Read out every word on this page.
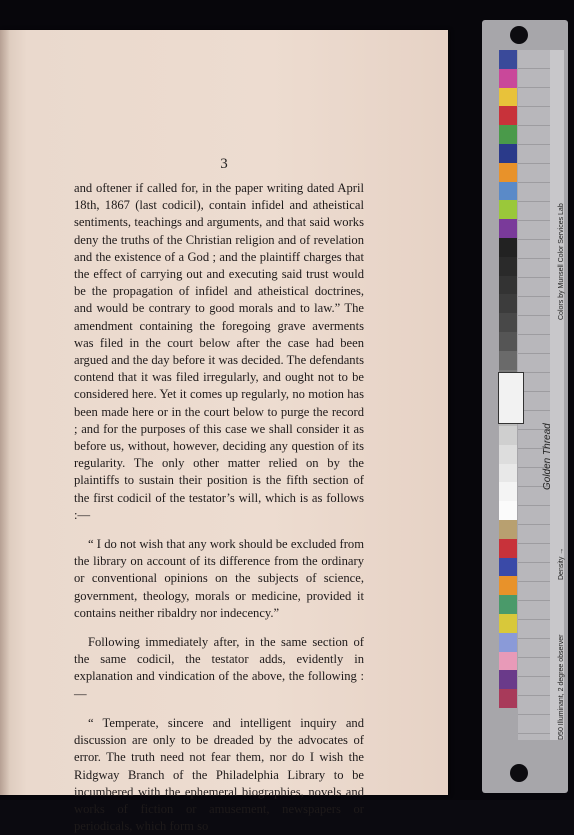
3

and oftener if called for, in the paper writing dated April 18th, 1867 (last codicil), contain infidel and atheistical sentiments, teachings and arguments, and that said works deny the truths of the Christian religion and of revelation and the existence of a God ; and the plaintiff charges that the effect of carrying out and executing said trust would be the propagation of infidel and atheistical doctrines, and would be contrary to good morals and to law.” The amendment containing the foregoing grave averments was filed in the court below after the case had been argued and the day before it was decided. The defendants contend that it was filed irregularly, and ought not to be considered here. Yet it comes up regularly, no motion has been made here or in the court below to purge the record ; and for the purposes of this case we shall consider it as before us, without, however, deciding any question of its regularity. The only other matter relied on by the plaintiffs to sustain their position is the fifth section of the first codicil of the testator’s will, which is as follows :—

“ I do not wish that any work should be excluded from the library on account of its difference from the ordinary or conventional opinions on the subjects of science, government, theology, morals or medicine, provided it contains neither ribaldry nor indecency.”

Following immediately after, in the same section of the same codicil, the testator adds, evidently in explanation and vindication of the above, the following :—

“ Temperate, sincere and intelligent inquiry and discussion are only to be dreaded by the advocates of error. The truth need not fear them, nor do I wish the Ridgway Branch of the Philadelphia Library to be incumbered with the ephemeral biographies, novels and works of fiction or amusement, newspapers or periodicals, which form so

Colors by Munsell Color Services Lab
Golden Thread
D50 Illuminant, 2 degree observer
Density →
